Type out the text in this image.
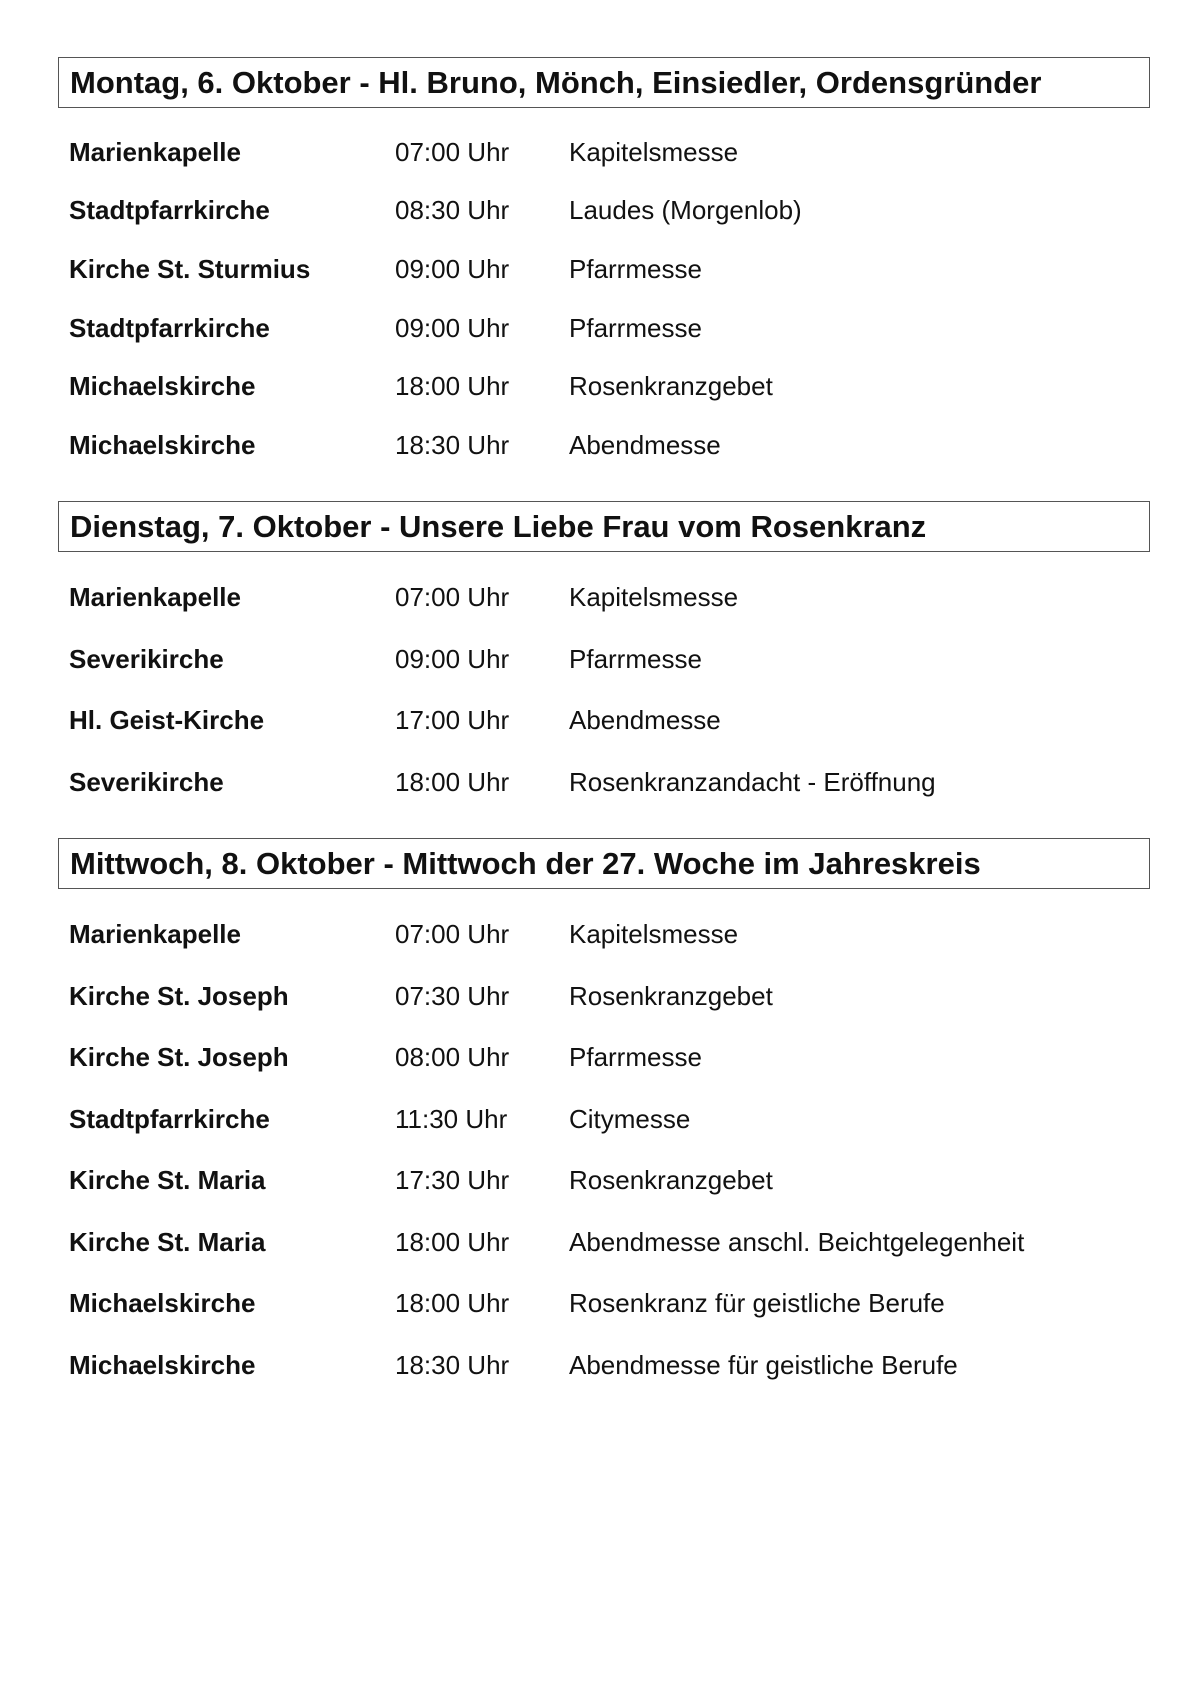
Montag, 6. Oktober - Hl. Bruno, Mönch, Einsiedler, Ordensgründer
Marienkapelle	07:00 Uhr	Kapitelsmesse
Stadtpfarrkirche	08:30 Uhr	Laudes (Morgenlob)
Kirche St. Sturmius	09:00 Uhr	Pfarrmesse
Stadtpfarrkirche	09:00 Uhr	Pfarrmesse
Michaelskirche	18:00 Uhr	Rosenkranzgebet
Michaelskirche	18:30 Uhr	Abendmesse
Dienstag, 7. Oktober - Unsere Liebe Frau vom Rosenkranz
Marienkapelle	07:00 Uhr	Kapitelsmesse
Severikirche	09:00 Uhr	Pfarrmesse
Hl. Geist-Kirche	17:00 Uhr	Abendmesse
Severikirche	18:00 Uhr	Rosenkranzandacht - Eröffnung
Mittwoch, 8. Oktober - Mittwoch der 27. Woche im Jahreskreis
Marienkapelle	07:00 Uhr	Kapitelsmesse
Kirche St. Joseph	07:30 Uhr	Rosenkranzgebet
Kirche St. Joseph	08:00 Uhr	Pfarrmesse
Stadtpfarrkirche	11:30 Uhr	Citymesse
Kirche St. Maria	17:30 Uhr	Rosenkranzgebet
Kirche St. Maria	18:00 Uhr	Abendmesse anschl. Beichtgelegenheit
Michaelskirche	18:00 Uhr	Rosenkranz für geistliche Berufe
Michaelskirche	18:30 Uhr	Abendmesse für geistliche Berufe
